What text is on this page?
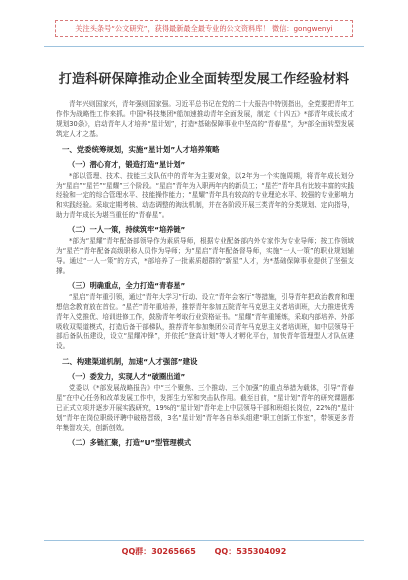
关注头条号“公文研究”，获得最新最全最专业的公文资料库！ 微信：gongwenyi
打造科研保障推动企业全面转型发展工作经验材料

青年兴则国家兴，青年强则国家强。习近平总书记在党的二十大报告中特别指出，全党要把青年工作作为战略性工作来抓。中国*科技集团*船加速推动青年全面发展，制定《十四五》*部青年成长成才规划30条》，启动青年人才培养“星计划”，打造*基础保障事业中坚高的“青春星”，为*部全面转型发展筑定人才之基。

一、党委统筹规划，实施“星计划”人才培养策略
（一）潜心育才，锻造打造“星计划”

*部以管理、技术、技能三支队伍中的青年为主要对象，以2年为一个实施周期，将青年成长划分为“星启”“星芒”“星耀”三个阶段。“星启”青年为入职两年内的新员工；“星芒”青年具有比较丰富的实践经验和一定的综合管理水平、技能操作能力；“星耀”青年具有较高的专业理论水平、较强的专业影响力和实践经验。采取定期考核、动态调整的淘汰机制，并在各阶段开展三类青年的分类规划、定向指导，助力青年成长为堪当重任的“青春星”。

（二）一人一策，持续筑牢“培养链”

*部为“星耀”青年配备部领导作为素质导师，根据专业配备部内外专家作为专业导师；按工作领域为“星芒”青年配备高级职称人员作为导师；为“星启”青年配备督导师，实施“一人一策”的职业规划辅导。通过“一人一策”的方式，*部培养了一批素质超群的“新星”人才，为*基础保障事业提供了坚强支撑。

（三）明确重点，全力打造“青春星”

“星启”青年重引领，通过“青年大学习”行动、设立“青年会客厅”等措施，引导青年把政治教育和理想信念教育放在首位。“星芒”青年重培养，推荐青年参加五院青年马克思主义者培训班，大力推进优秀青年入党推优、培训进修工作，鼓励青年考取行业资格证书。“星耀”青年重锤炼，采取内部培养、外部吸收双渠道模式，打造后备干部梯队，推荐青年参加集团公司青年马克思主义者培训班，如中层领导干部后备队伍建设，设立“星耀冲锋”，并依托“登高计划”等人才孵化平台，加快青年管理型人才队伍建设。

二、构建渠道机制，加速“人才强部”建设
（一）委发力，实现人才“破圈出道”

党委以《*部发展战略报告》中“三个聚焦、三个推动、三个加强”的重点举措为载体，引导“青春星”在中心任务和改革发展工作中，发挥生力军和突击队作用。截至目前，“星计划”青年的研究课题都已正式立项并逐步开展实践研究，19%的“星计划”青年走上中层领导干部和班组长岗位，22%的“星计划”青年在岗位职级评聘中破格晋级，3名“星计划”青年各自举头组建“职工创新工作室”，带领更多青年集智攻关，创新创效。

（二）多链汇聚，打造“U”型管理模式
QQ群：30265665 QQ：535304092
